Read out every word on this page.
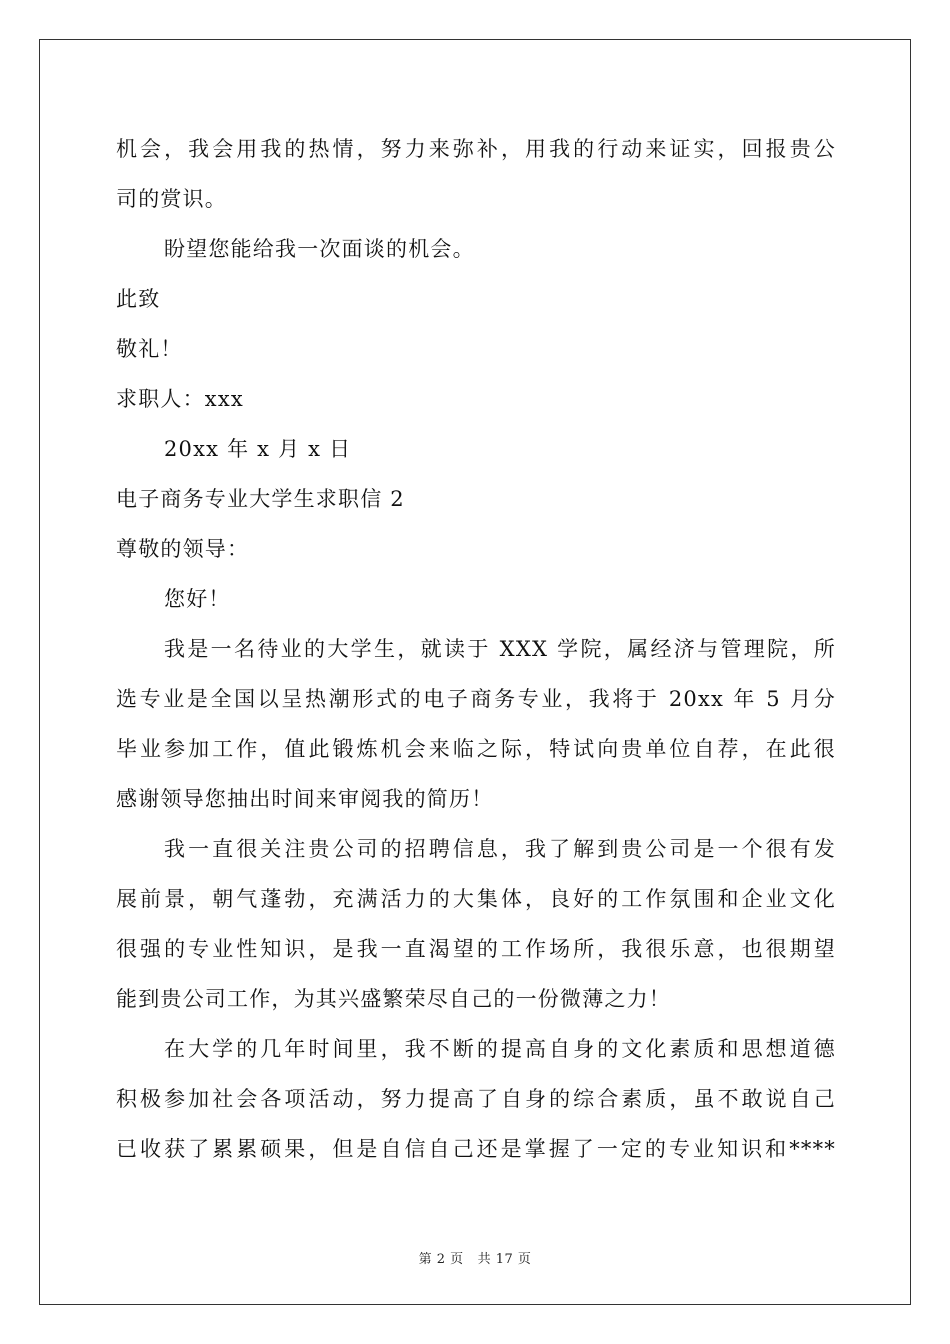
机会，我会用我的热情，努力来弥补，用我的行动来证实，回报贵公
司的赏识。
盼望您能给我一次面谈的机会。
此致
敬礼！
求职人：xxx
20xx 年 x 月 x 日
电子商务专业大学生求职信 2
尊敬的领导：
您好！
我是一名待业的大学生，就读于 XXX 学院，属经济与管理院，所
选专业是全国以呈热潮形式的电子商务专业，我将于 20xx 年 5 月分
毕业参加工作，值此锻炼机会来临之际，特试向贵单位自荐，在此很
感谢领导您抽出时间来审阅我的简历！
我一直很关注贵公司的招聘信息，我了解到贵公司是一个很有发
展前景，朝气蓬勃，充满活力的大集体，良好的工作氛围和企业文化
很强的专业性知识，是我一直渴望的工作场所，我很乐意，也很期望
能到贵公司工作，为其兴盛繁荣尽自己的一份微薄之力！
在大学的几年时间里，我不断的提高自身的文化素质和思想道德
积极参加社会各项活动，努力提高了自身的综合素质，虽不敢说自己
已收获了累累硕果，但是自信自己还是掌握了一定的专业知识和****
第 2 页 共 17 页
